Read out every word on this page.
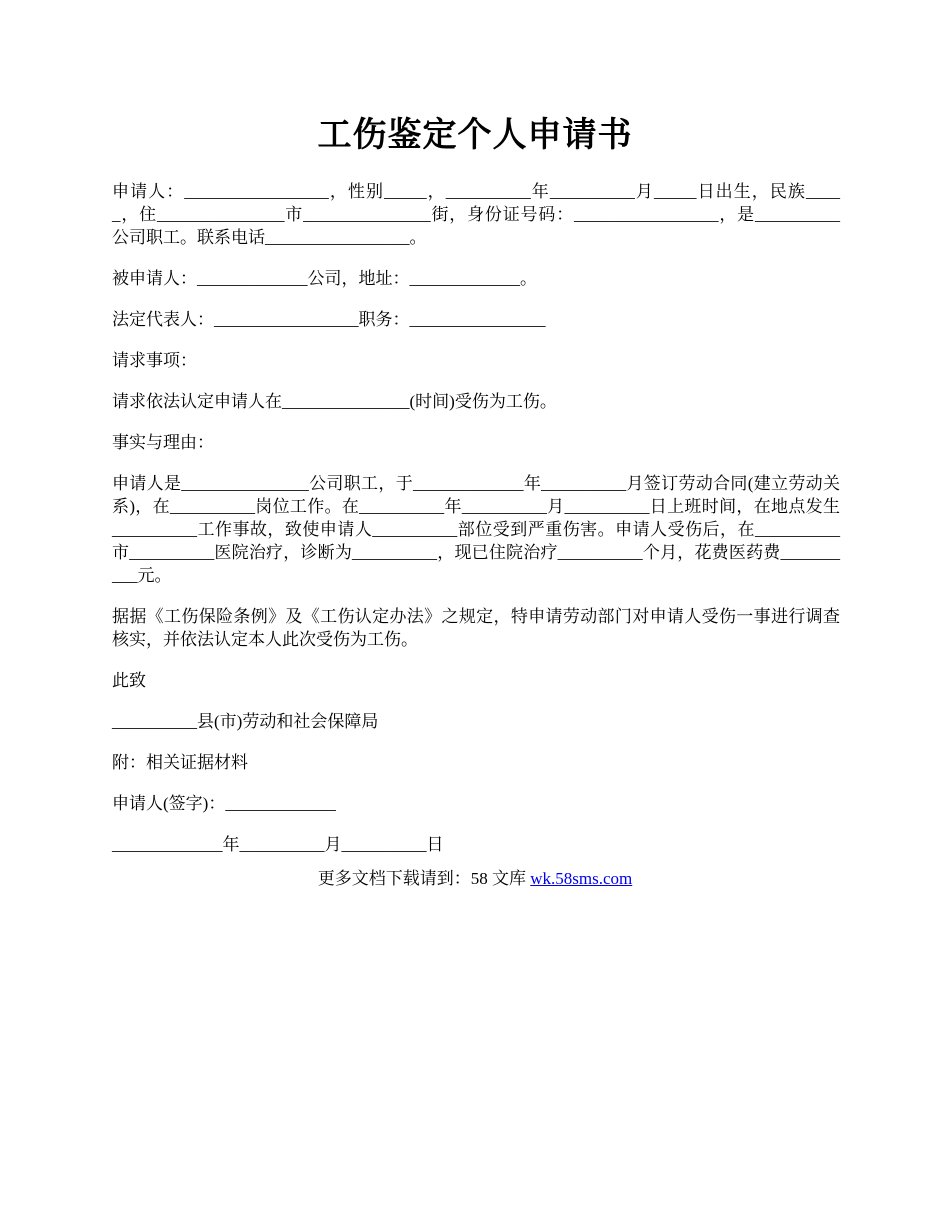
工伤鉴定个人申请书

申请人：_________________，性别_____，__________年__________月_____日出生，民族_____，住_______________市_______________街，身份证号码：_________________，是__________公司职工。联系电话_________________。

被申请人：_____________公司，地址：_____________。

法定代表人：_________________职务：________________

请求事项：

请求依法认定申请人在_______________(时间)受伤为工伤。

事实与理由：

申请人是_______________公司职工，于_____________年__________月签订劳动合同(建立劳动关系)，在__________岗位工作。在__________年__________月__________日上班时间，在地点发生__________工作事故，致使申请人__________部位受到严重伤害。申请人受伤后，在__________市__________医院治疗，诊断为__________，现已住院治疗__________个月，花费医药费__________元。

据据《工伤保险条例》及《工伤认定办法》之规定，特申请劳动部门对申请人受伤一事进行调查核实，并依法认定本人此次受伤为工伤。

此致

__________县(市)劳动和社会保障局

附：相关证据材料

申请人(签字)：_____________

_____________年__________月__________日

更多文档下载请到：58 文库 wk.58sms.com
